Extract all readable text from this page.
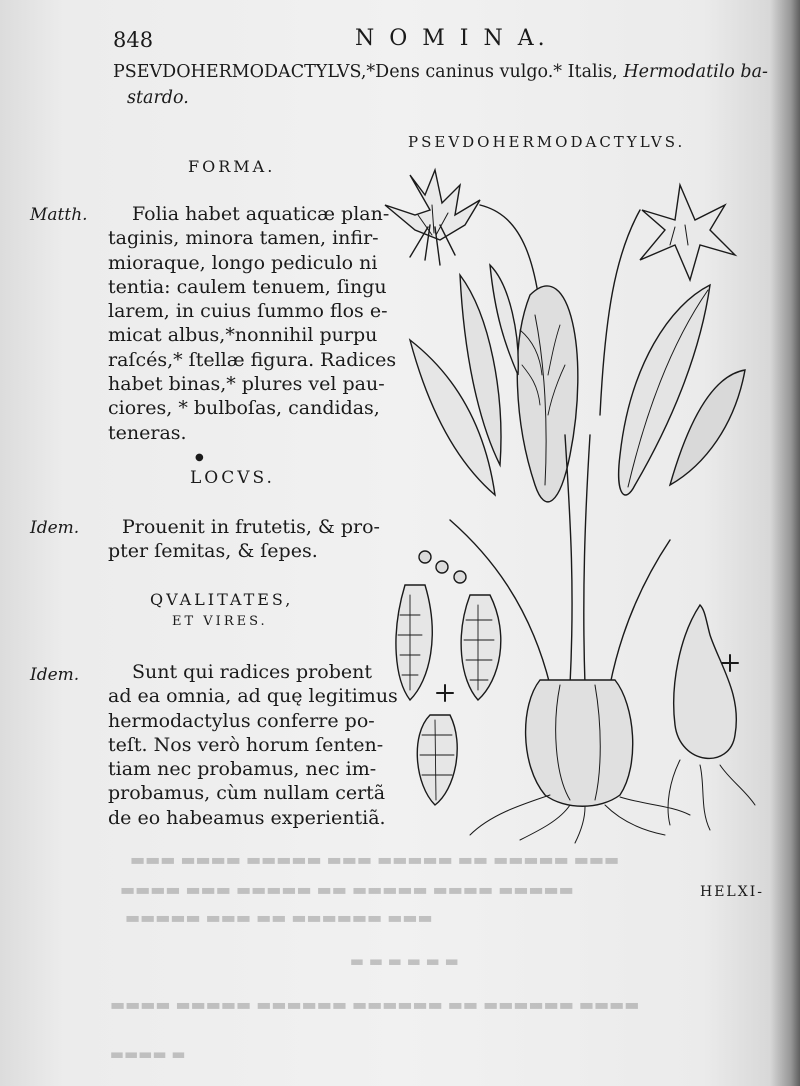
▬▬▬ ▬▬▬▬▬ ▬▬ ▬▬▬▬▬ ▬▬▬ ▬▬▬▬▬ ▬▬▬▬ ▬▬▬
▬▬▬▬▬ ▬▬▬▬ ▬▬▬▬▬ ▬▬ ▬▬▬▬▬ ▬▬▬ ▬▬▬▬
▬▬▬ ▬▬▬▬▬▬ ▬▬ ▬▬▬ ▬▬▬▬▬
▬ ▬ ▬ ▬ ▬ ▬
▬▬▬▬ ▬▬▬▬▬▬ ▬▬ ▬▬▬▬▬▬ ▬▬▬▬▬▬ ▬▬▬▬▬ ▬▬▬▬
▬ ▬▬▬▬
848	N O M I N A.
PSEVDOHERMODACTYLVS,*Dens caninus vulgo.* Italis, Hermodatilo ba-
stardo.
PSEVDOHERMODACTYLVS.
FORMA.
Matth.	Folia habet aquaticæ plan-
taginis, minora tamen, infir-
mioraque, longo pediculo ni
tentia: caulem tenuem, ſingu
larem, in cuius ſummo flos e-
micat albus,*nonnihil purpu
raſcés,* ſtellæ figura. Radices
habet binas,* plures vel pau-
ciores, * bulboſas, candidas,
teneras.
●
LOCVS.
Idem.	Prouenit in frutetis, & pro-
pter ſemitas, & ſepes.
QVALITATES,
ET VIRES.
Idem.	Sunt qui radices probent
ad ea omnia, ad quę legitimus
hermodactylus conferre po-
teſt. Nos verò horum ſenten-
tiam nec probamus, nec im-
probamus, cùm nullam certã
de eo habeamus experientiã.
HELXI-
